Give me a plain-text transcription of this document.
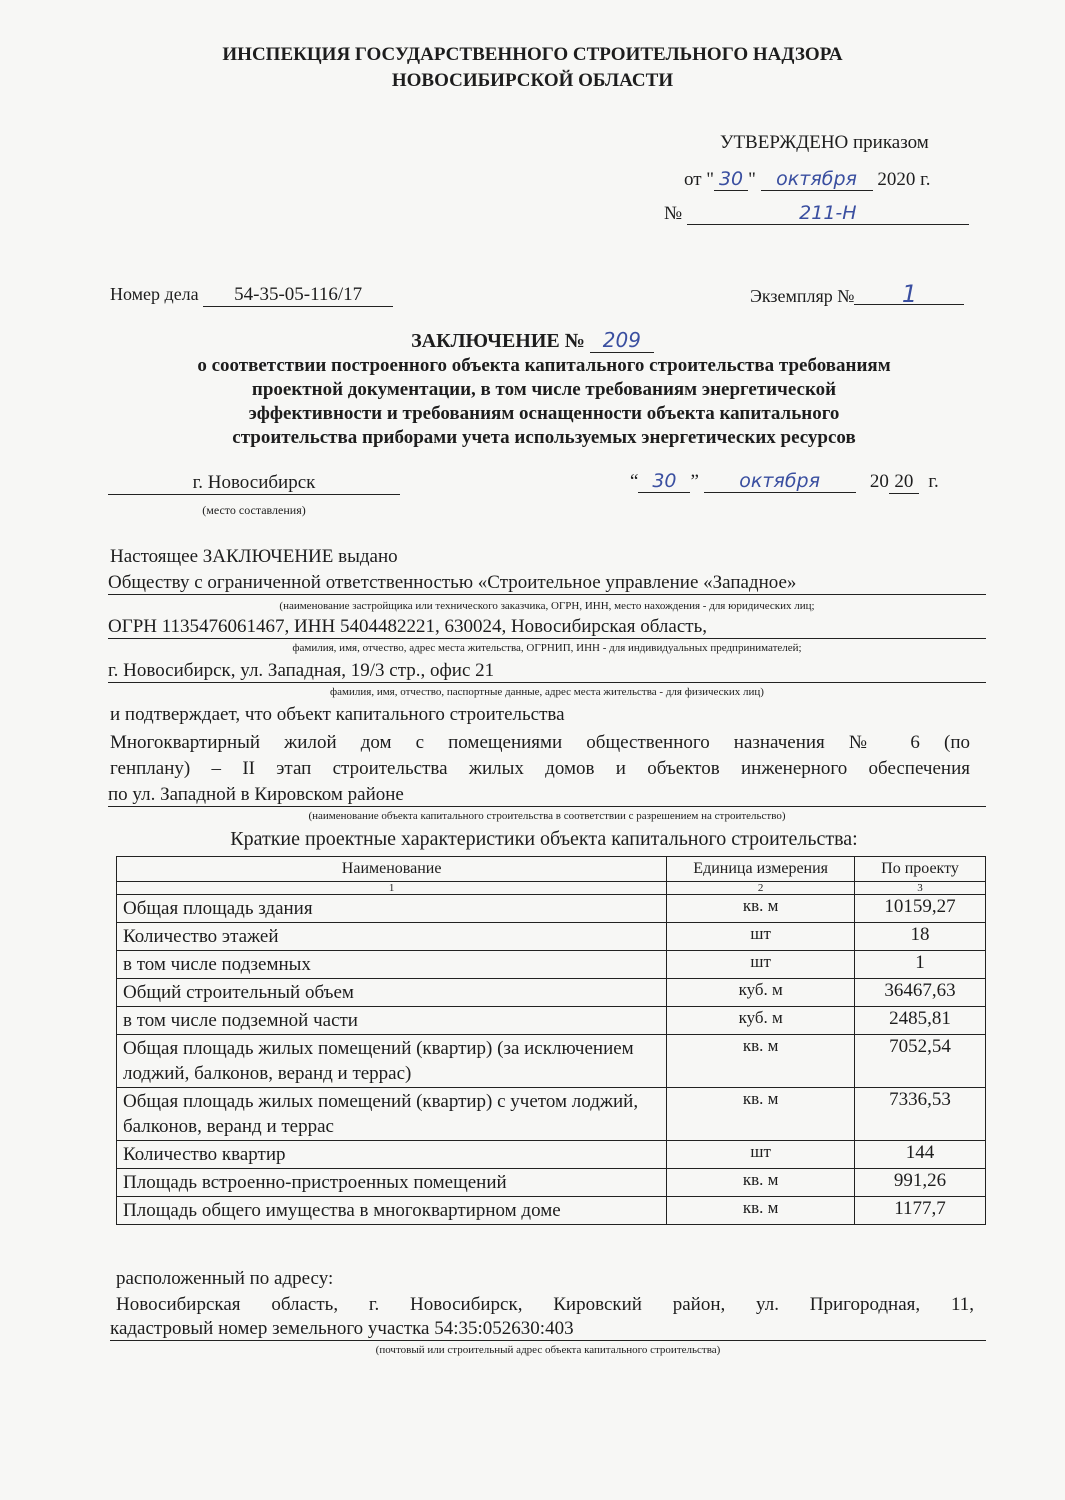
ИНСПЕКЦИЯ ГОСУДАРСТВЕННОГО СТРОИТЕЛЬНОГО НАДЗОРА
НОВОСИБИРСКОЙ ОБЛАСТИ
УТВЕРЖДЕНО приказом
от " 30 " октября 2020 г.
№	211-Н
Номер дела 54-35-05-116/17	Экземпляр № 1
ЗАКЛЮЧЕНИЕ № 209
о соответствии построенного объекта капитального строительства требованиям
проектной документации, в том числе требованиям энергетической
эффективности и требованиям оснащенности объекта капитального
строительства приборами учета используемых энергетических ресурсов
г. Новосибирск
(место составления)
“ 30 ” октября	20 20 г.
Настоящее ЗАКЛЮЧЕНИЕ выдано
Обществу с ограниченной ответственностью «Строительное управление «Западное»
(наименование застройщика или технического заказчика, ОГРН, ИНН, место нахождения - для юридических лиц;
ОГРН 1135476061467, ИНН 5404482221, 630024, Новосибирская область,
фамилия, имя, отчество, адрес места жительства, ОГРНИП, ИНН - для индивидуальных предпринимателей;
г. Новосибирск, ул. Западная, 19/3 стр., офис 21
фамилия, имя, отчество, паспортные данные, адрес места жительства - для физических лиц)
и подтверждает, что объект капитального строительства
Многоквартирный жилой дом с помещениями общественного назначения № 6 (по
генплану) – II этап строительства жилых домов и объектов инженерного обеспечения
по ул. Западной в Кировском районе
(наименование объекта капитального строительства в соответствии с разрешением на строительство)
Краткие проектные характеристики объекта капитального строительства:
Наименование	Единица измерения	По проекту
1	2	3
Общая площадь здания	кв. м	10159,27
Количество этажей	шт	18
в том числе подземных	шт	1
Общий строительный объем	куб. м	36467,63
в том числе подземной части	куб. м	2485,81
Общая площадь жилых помещений (квартир) (за исключением лоджий, балконов, веранд и террас)	кв. м	7052,54
Общая площадь жилых помещений (квартир) с учетом лоджий, балконов, веранд и террас	кв. м	7336,53
Количество квартир	шт	144
Площадь встроенно-пристроенных помещений	кв. м	991,26
Площадь общего имущества в многоквартирном доме	кв. м	1177,7
расположенный по адресу:
Новосибирская область, г. Новосибирск, Кировский район, ул. Пригородная, 11,
кадастровый номер земельного участка 54:35:052630:403
(почтовый или строительный адрес объекта капитального строительства)
